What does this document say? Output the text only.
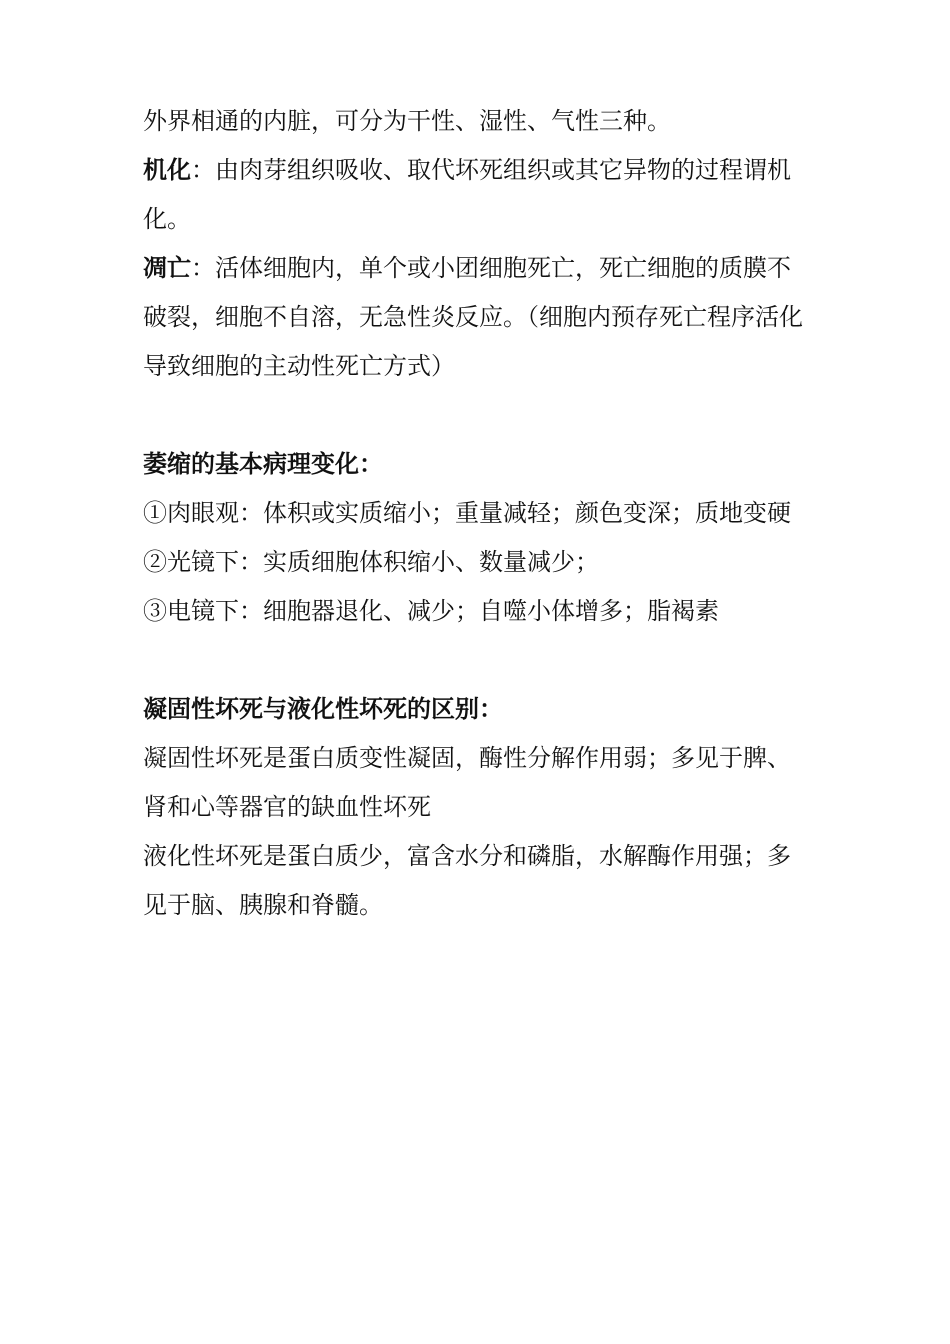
外界相通的内脏，可分为干性、湿性、气性三种。

机化：由肉芽组织吸收、取代坏死组织或其它异物的过程谓机化。

凋亡：活体细胞内，单个或小团细胞死亡，死亡细胞的质膜不破裂，细胞不自溶，无急性炎反应。（细胞内预存死亡程序活化导致细胞的主动性死亡方式）

萎缩的基本病理变化：

①肉眼观：体积或实质缩小；重量减轻；颜色变深；质地变硬

②光镜下：实质细胞体积缩小、数量减少；

③电镜下：细胞器退化、减少；自噬小体增多；脂褐素

凝固性坏死与液化性坏死的区别：

凝固性坏死是蛋白质变性凝固，酶性分解作用弱；多见于脾、肾和心等器官的缺血性坏死

液化性坏死是蛋白质少，富含水分和磷脂，水解酶作用强；多见于脑、胰腺和脊髓。
